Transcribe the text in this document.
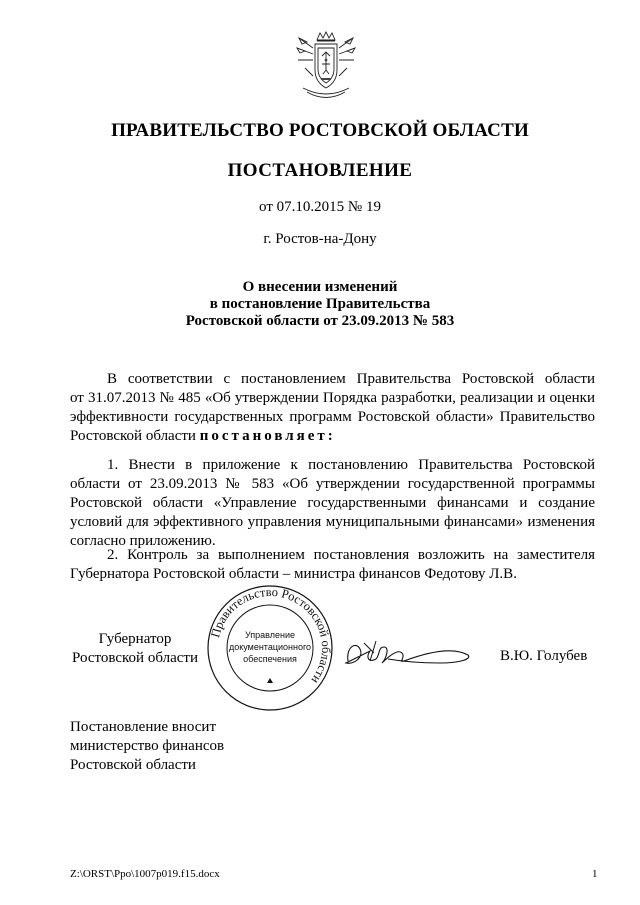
ПРАВИТЕЛЬСТВО РОСТОВСКОЙ ОБЛАСТИ
ПОСТАНОВЛЕНИЕ
от 07.10.2015 № 19
г. Ростов-на-Дону
О внесении изменений
в постановление Правительства
Ростовской области от 23.09.2013 № 583
В соответствии с постановлением Правительства Ростовской области
от 31.07.2013 № 485 «Об утверждении Порядка разработки, реализации и оценки
эффективности государственных программ Ростовской области» Правительство
Ростовской области постановляет:
1. Внести в приложение к постановлению Правительства Ростовской
области от 23.09.2013 № 583 «Об утверждении государственной программы
Ростовской области «Управление государственными финансами и создание
условий для эффективного управления муниципальными финансами» изменения
согласно приложению.
2. Контроль за выполнением постановления возложить на заместителя
Губернатора Ростовской области – министра финансов Федотову Л.В.
Губернатор
Ростовской области
Правительство Ростовской области
Управление
документационного
обеспечения	В.Ю. Голубев
Постановление вносит
министерство финансов
Ростовской области
Z:\ORST\Ppo\1007p019.f15.docx	1
